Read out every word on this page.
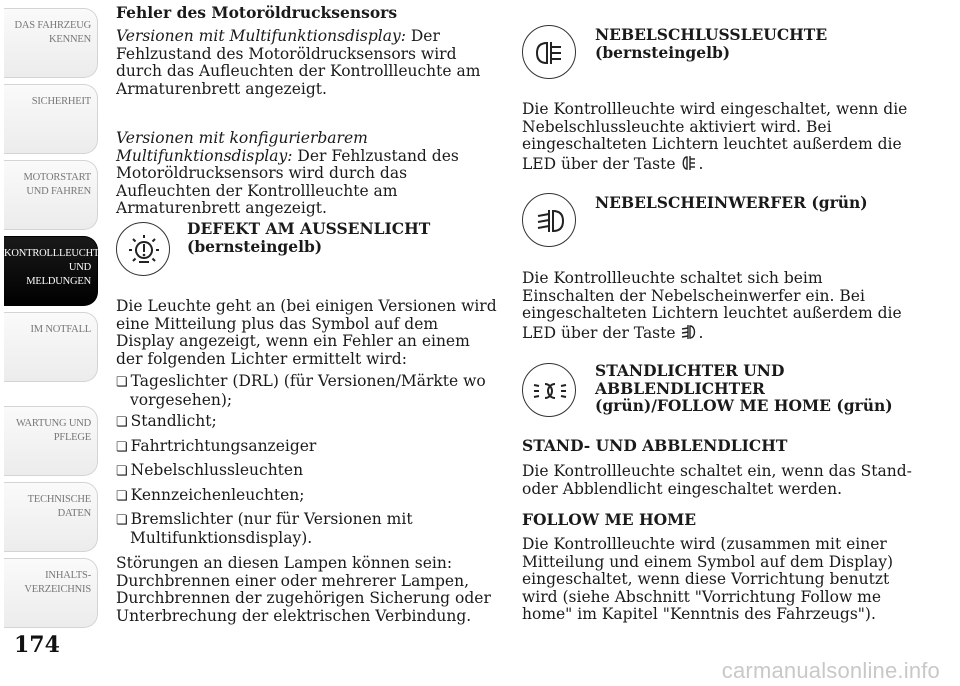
DAS FAHRZEUG KENNEN
SICHERHEIT
MOTORSTART UND FAHREN
KONTROLLLEUCHTEN UND MELDUNGEN
IM NOTFALL
WARTUNG UND PFLEGE
TECHNISCHE DATEN
INHALTS-VERZEICHNIS
174

Fehler des Motoröldrucksensors

Versionen mit Multifunktionsdisplay: Der Fehlzustand des Motoröldrucksensors wird durch das Aufleuchten der Kontrollleuchte am Armaturenbrett angezeigt.

Versionen mit konfigurierbarem Multifunktionsdisplay: Der Fehlzustand des Motoröldrucksensors wird durch das Aufleuchten der Kontrollleuchte am Armaturenbrett angezeigt.

DEFEKT AM AUSSENLICHT (bernsteingelb)

Die Leuchte geht an (bei einigen Versionen wird eine Mitteilung plus das Symbol auf dem Display angezeigt, wenn ein Fehler an einem der folgenden Lichter ermittelt wird:

❏ Tageslichter (DRL) (für Versionen/Märkte wo vorgesehen);

❏ Standlicht;

❏ Fahrtrichtungsanzeiger

❏ Nebelschlussleuchten

❏ Kennzeichenleuchten;

❏ Bremslichter (nur für Versionen mit Multifunktionsdisplay).

Störungen an diesen Lampen können sein: Durchbrennen einer oder mehrerer Lampen, Durchbrennen der zugehörigen Sicherung oder Unterbrechung der elektrischen Verbindung.

NEBELSCHLUSSLEUCHTE (bernsteingelb)

Die Kontrollleuchte wird eingeschaltet, wenn die Nebelschlussleuchte aktiviert wird. Bei eingeschalteten Lichtern leuchtet außerdem die LED über der Taste .

NEBELSCHEINWERFER (grün)

Die Kontrollleuchte schaltet sich beim Einschalten der Nebelscheinwerfer ein. Bei eingeschalteten Lichtern leuchtet außerdem die LED über der Taste .

STANDLICHTER UND ABBLENDLICHTER (grün)/FOLLOW ME HOME (grün)

STAND- UND ABBLENDLICHT

Die Kontrollleuchte schaltet ein, wenn das Stand- oder Abblendlicht eingeschaltet werden.

FOLLOW ME HOME

Die Kontrollleuchte wird (zusammen mit einer Mitteilung und einem Symbol auf dem Display) eingeschaltet, wenn diese Vorrichtung benutzt wird (siehe Abschnitt "Vorrichtung Follow me home" im Kapitel "Kenntnis des Fahrzeugs").

carmanualsonline.info
